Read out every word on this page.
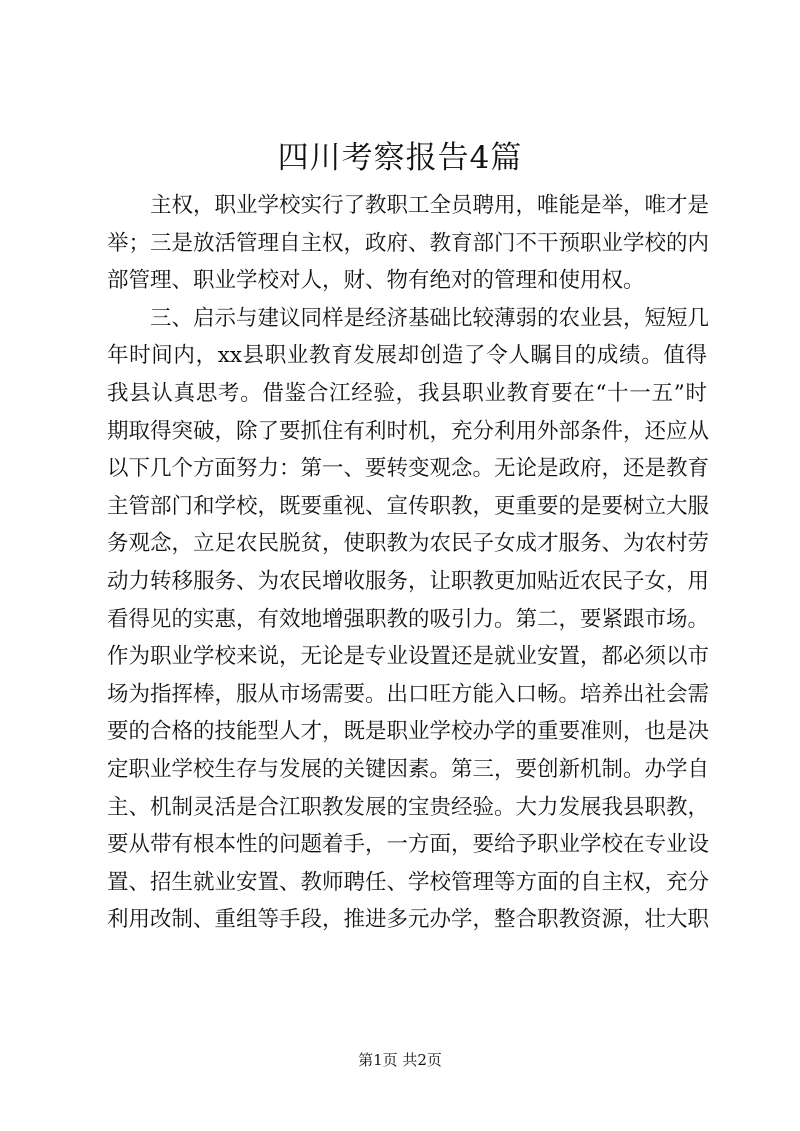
四川考察报告4篇
　　主权，职业学校实行了教职工全员聘用，唯能是举，唯才是
举；三是放活管理自主权，政府、教育部门不干预职业学校的内
部管理、职业学校对人，财、物有绝对的管理和使用权。
　　三、启示与建议同样是经济基础比较薄弱的农业县，短短几
年时间内，xx县职业教育发展却创造了令人瞩目的成绩。值得
我县认真思考。借鉴合江经验，我县职业教育要在“十一五”时
期取得突破，除了要抓住有利时机，充分利用外部条件，还应从
以下几个方面努力：第一、要转变观念。无论是政府，还是教育
主管部门和学校，既要重视、宣传职教，更重要的是要树立大服
务观念，立足农民脱贫，使职教为农民子女成才服务、为农村劳
动力转移服务、为农民增收服务，让职教更加贴近农民子女，用
看得见的实惠，有效地增强职教的吸引力。第二，要紧跟市场。
作为职业学校来说，无论是专业设置还是就业安置，都必须以市
场为指挥棒，服从市场需要。出口旺方能入口畅。培养出社会需
要的合格的技能型人才，既是职业学校办学的重要准则，也是决
定职业学校生存与发展的关键因素。第三，要创新机制。办学自
主、机制灵活是合江职教发展的宝贵经验。大力发展我县职教，
要从带有根本性的问题着手，一方面，要给予职业学校在专业设
置、招生就业安置、教师聘任、学校管理等方面的自主权，充分
利用改制、重组等手段，推进多元办学，整合职教资源，壮大职
第1页 共2页
